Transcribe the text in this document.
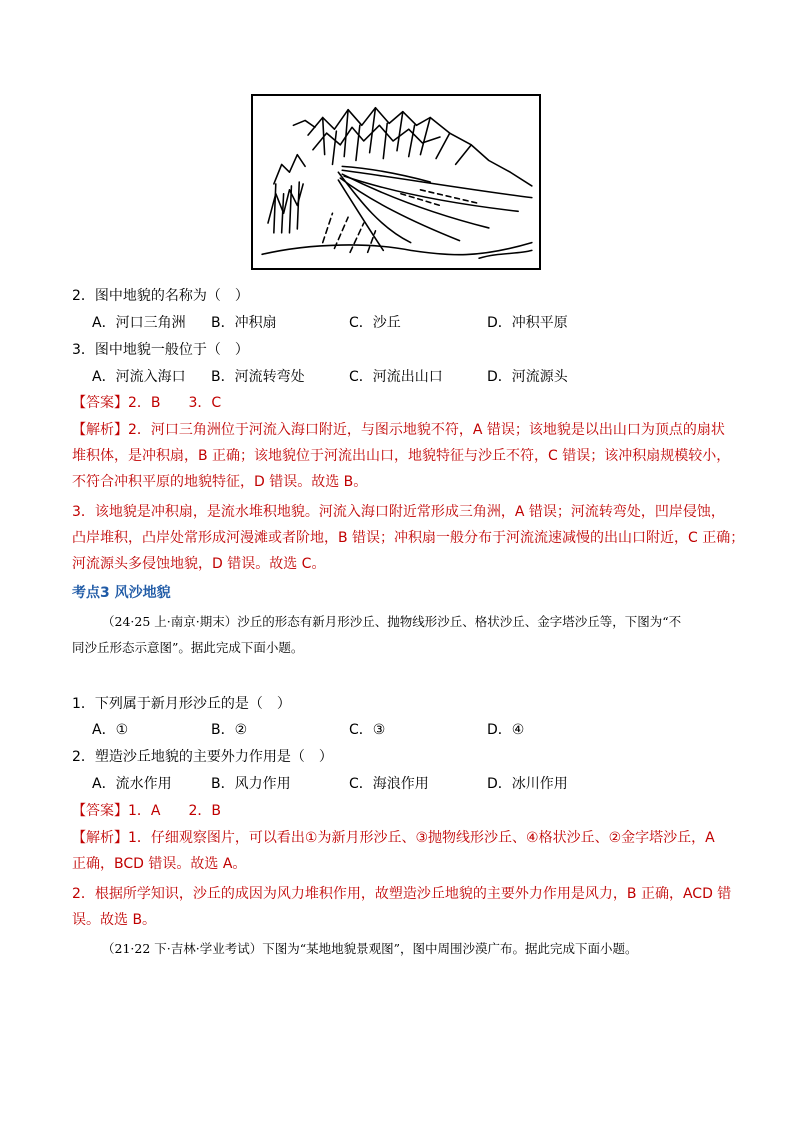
2．图中地貌的名称为（　）
A．河口三角洲 B．冲积扇	C．沙丘	D．冲积平原
3．图中地貌一般位于（　）
A．河流入海口 B．河流转弯处	C．河流出山口	D．河流源头
【答案】2．B　　3．C
【解析】2．河口三角洲位于河流入海口附近，与图示地貌不符，A 错误；该地貌是以出山口为顶点的扇状
堆积体，是冲积扇，B 正确；该地貌位于河流出山口，地貌特征与沙丘不符，C 错误；该冲积扇规模较小，
不符合冲积平原的地貌特征，D 错误。故选 B。
3．该地貌是冲积扇，是流水堆积地貌。河流入海口附近常形成三角洲，A 错误；河流转弯处，凹岸侵蚀，
凸岸堆积，凸岸处常形成河漫滩或者阶地，B 错误；冲积扇一般分布于河流流速减慢的出山口附近，C 正确；
河流源头多侵蚀地貌，D 错误。故选 C。
考点3 风沙地貌
（24·25 上·南京·期末）沙丘的形态有新月形沙丘、抛物线形沙丘、格状沙丘、金字塔沙丘等，下图为“不
同沙丘形态示意图”。据此完成下面小题。
1．下列属于新月形沙丘的是（　）
A．①	B．②	C．③	D．④
2．塑造沙丘地貌的主要外力作用是（　）
A．流水作用	B．风力作用	C．海浪作用	D．冰川作用
【答案】1．A　　2．B
【解析】1．仔细观察图片，可以看出①为新月形沙丘、③抛物线形沙丘、④格状沙丘、②金字塔沙丘，A
正确，BCD 错误。故选 A。
2．根据所学知识，沙丘的成因为风力堆积作用，故塑造沙丘地貌的主要外力作用是风力，B 正确，ACD 错
误。故选 B。
（21·22 下·吉林·学业考试）下图为“某地地貌景观图”，图中周围沙漠广布。据此完成下面小题。
